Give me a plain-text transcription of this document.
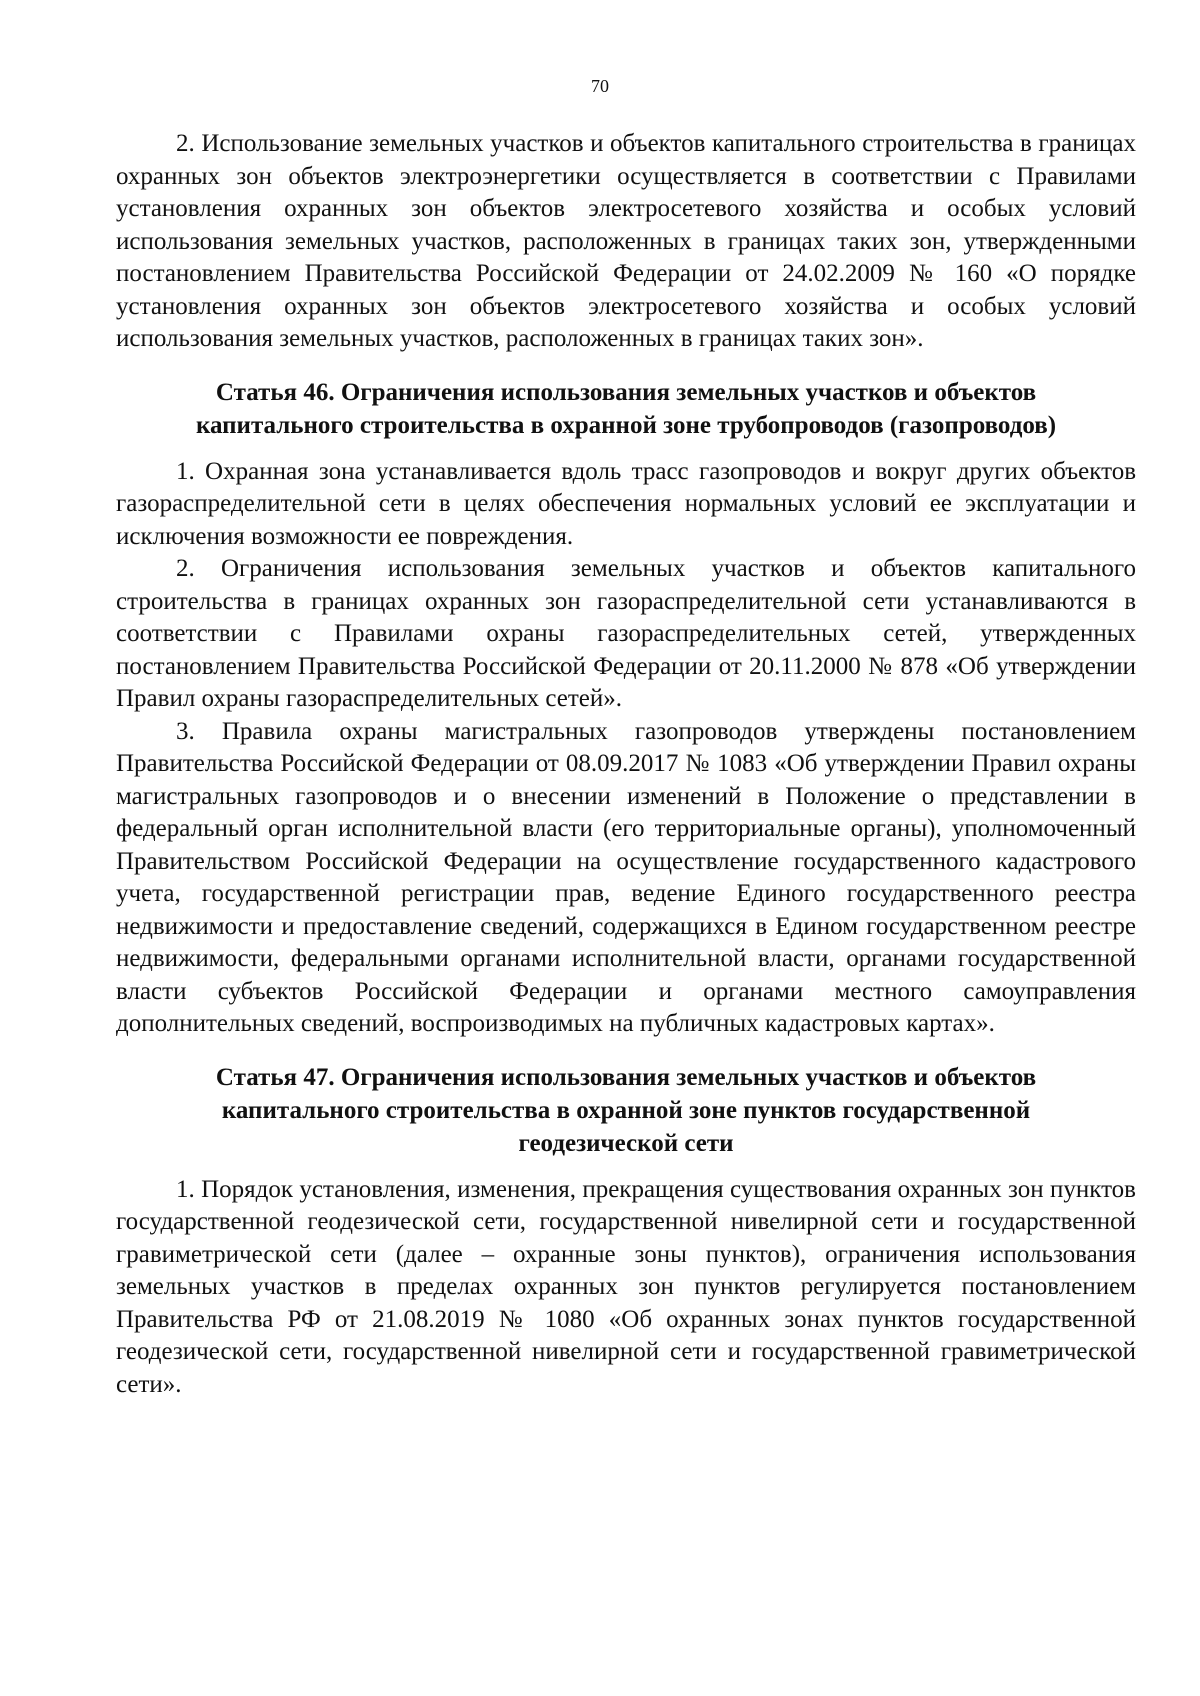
70

2. Использование земельных участков и объектов капитального строительства в границах охранных зон объектов электроэнергетики осуществляется в соответствии с Правилами установления охранных зон объектов электросетевого хозяйства и особых условий использования земельных участков, расположенных в границах таких зон, утвержденными постановлением Правительства Российской Федерации от 24.02.2009 № 160 «О порядке установления охранных зон объектов электросетевого хозяйства и особых условий использования земельных участков, расположенных в границах таких зон».

Статья 46. Ограничения использования земельных участков и объектов
капитального строительства в охранной зоне трубопроводов (газопроводов)

1. Охранная зона устанавливается вдоль трасс газопроводов и вокруг других объектов газораспределительной сети в целях обеспечения нормальных условий ее эксплуатации и исключения возможности ее повреждения.

2. Ограничения использования земельных участков и объектов капитального строительства в границах охранных зон газораспределительной сети устанавливаются в соответствии с Правилами охраны газораспределительных сетей, утвержденных постановлением Правительства Российской Федерации от 20.11.2000 № 878 «Об утверждении Правил охраны газораспределительных сетей».

3. Правила охраны магистральных газопроводов утверждены постановлением Правительства Российской Федерации от 08.09.2017 № 1083 «Об утверждении Правил охраны магистральных газопроводов и о внесении изменений в Положение о представлении в федеральный орган исполнительной власти (его территориальные органы), уполномоченный Правительством Российской Федерации на осуществление государственного кадастрового учета, государственной регистрации прав, ведение Единого государственного реестра недвижимости и предоставление сведений, содержащихся в Едином государственном реестре недвижимости, федеральными органами исполнительной власти, органами государственной власти субъектов Российской Федерации и органами местного самоуправления дополнительных сведений, воспроизводимых на публичных кадастровых картах».

Статья 47. Ограничения использования земельных участков и объектов
капитального строительства в охранной зоне пунктов государственной
геодезической сети

1. Порядок установления, изменения, прекращения существования охранных зон пунктов государственной геодезической сети, государственной нивелирной сети и государственной гравиметрической сети (далее – охранные зоны пунктов), ограничения использования земельных участков в пределах охранных зон пунктов регулируется постановлением Правительства РФ от 21.08.2019 № 1080 «Об охранных зонах пунктов государственной геодезической сети, государственной нивелирной сети и государственной гравиметрической сети».
